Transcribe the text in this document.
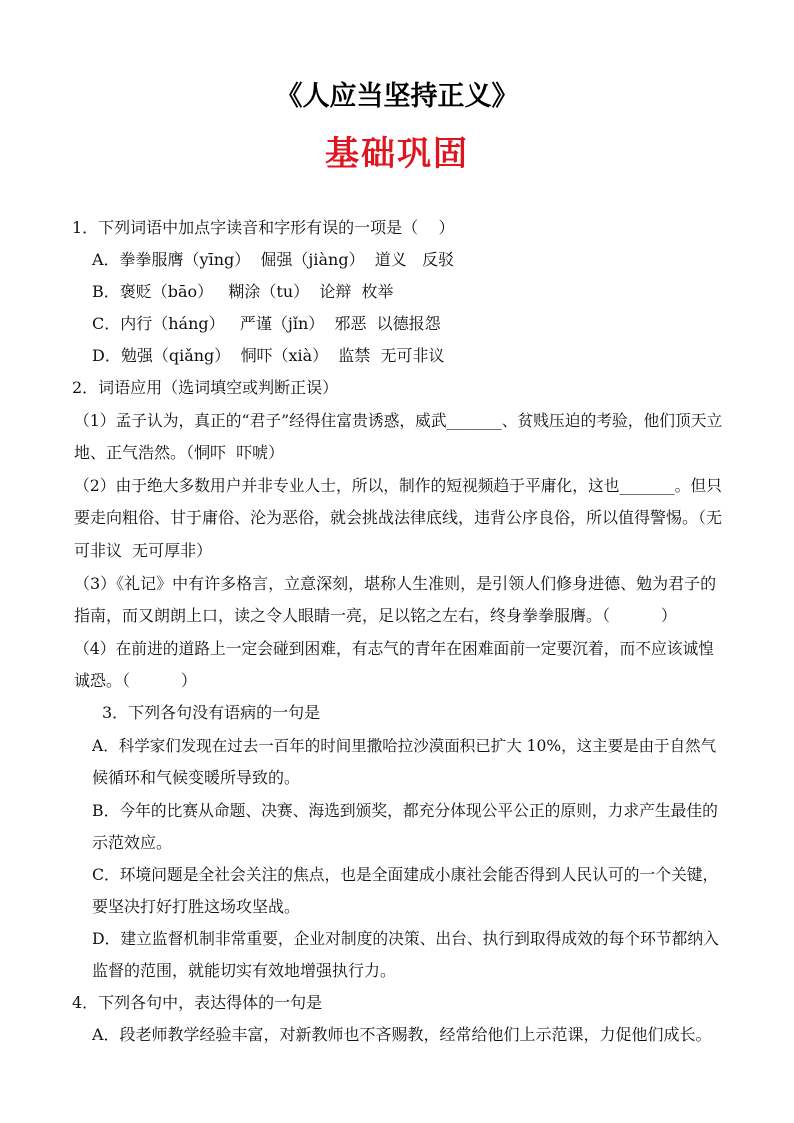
《人应当坚持正义》
基础巩固
1．下列词语中加点字读音和字形有误的一项是（    ）
A．拳拳服膺（yīng）  倔强（jiàng）  道义   反驳
B．褒贬（bāo）   糊涂（tu）  论辩  枚举
C．内行（háng）   严谨（jǐn）  邪恶  以德报怨
D．勉强（qiǎng）  恫吓（xià）  监禁  无可非议
2．词语应用（选词填空或判断正误）
（1）孟子认为，真正的“君子”经得住富贵诱惑，威武_______、贫贱压迫的考验，他们顶天立
地、正气浩然。（恫吓  吓唬）
（2）由于绝大多数用户并非专业人士，所以，制作的短视频趋于平庸化，这也_______。但只
要走向粗俗、甘于庸俗、沦为恶俗，就会挑战法律底线，违背公序良俗，所以值得警惕。（无
可非议  无可厚非）
（3）《礼记》中有许多格言，立意深刻，堪称人生准则，是引领人们修身进德、勉为君子的
指南，而又朗朗上口，读之令人眼睛一亮，足以铭之左右，终身拳拳服膺。（          ）
（4）在前进的道路上一定会碰到困难，有志气的青年在困难面前一定要沉着，而不应该诚惶
诚恐。（          ）
3．下列各句没有语病的一句是
A．科学家们发现在过去一百年的时间里撒哈拉沙漠面积已扩大 10%，这主要是由于自然气
候循环和气候变暖所导致的。
B．今年的比赛从命题、决赛、海选到颁奖，都充分体现公平公正的原则，力求产生最佳的
示范效应。
C．环境问题是全社会关注的焦点，也是全面建成小康社会能否得到人民认可的一个关键，
要坚决打好打胜这场攻坚战。
D．建立监督机制非常重要，企业对制度的决策、出台、执行到取得成效的每个环节都纳入
监督的范围，就能切实有效地增强执行力。
4．下列各句中，表达得体的一句是
A．段老师教学经验丰富，对新教师也不吝赐教，经常给他们上示范课，力促他们成长。
